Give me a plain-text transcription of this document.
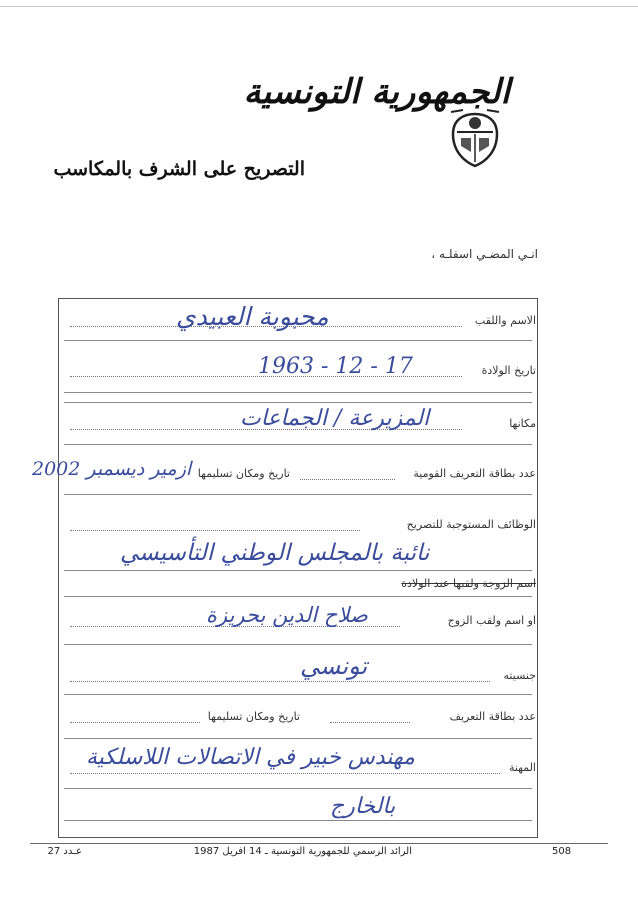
الجمهورية التونسية
التصريح على الشرف بالمكاسب
انـي المضـي اسفلـه ،
الاسم واللقب
محبوبة العبيدي
تاريخ الولادة
1963 - 12 - 17
مكانها
المزيرعة / الجماعات
عدد بطاقة التعريف القومية
تاريخ ومكان تسليمها
ازمير ديسمبر 2002
الوظائف المستوجبة للتصريح
نائبة بالمجلس الوطني التأسيسي
اسم الزوجة ولقبها عند الولادة
او اسم ولقب الزوج
صلاح الدين بحريزة
جنسيته
تونسي
عدد بطاقة التعريف
تاريخ ومكان تسليمها
المهنة
مهندس خبير في الاتصالات اللاسلكية
بالخارج
508
الرائد الرسمي للجمهورية التونسية ـ 14 افريل 1987
عـدد 27
